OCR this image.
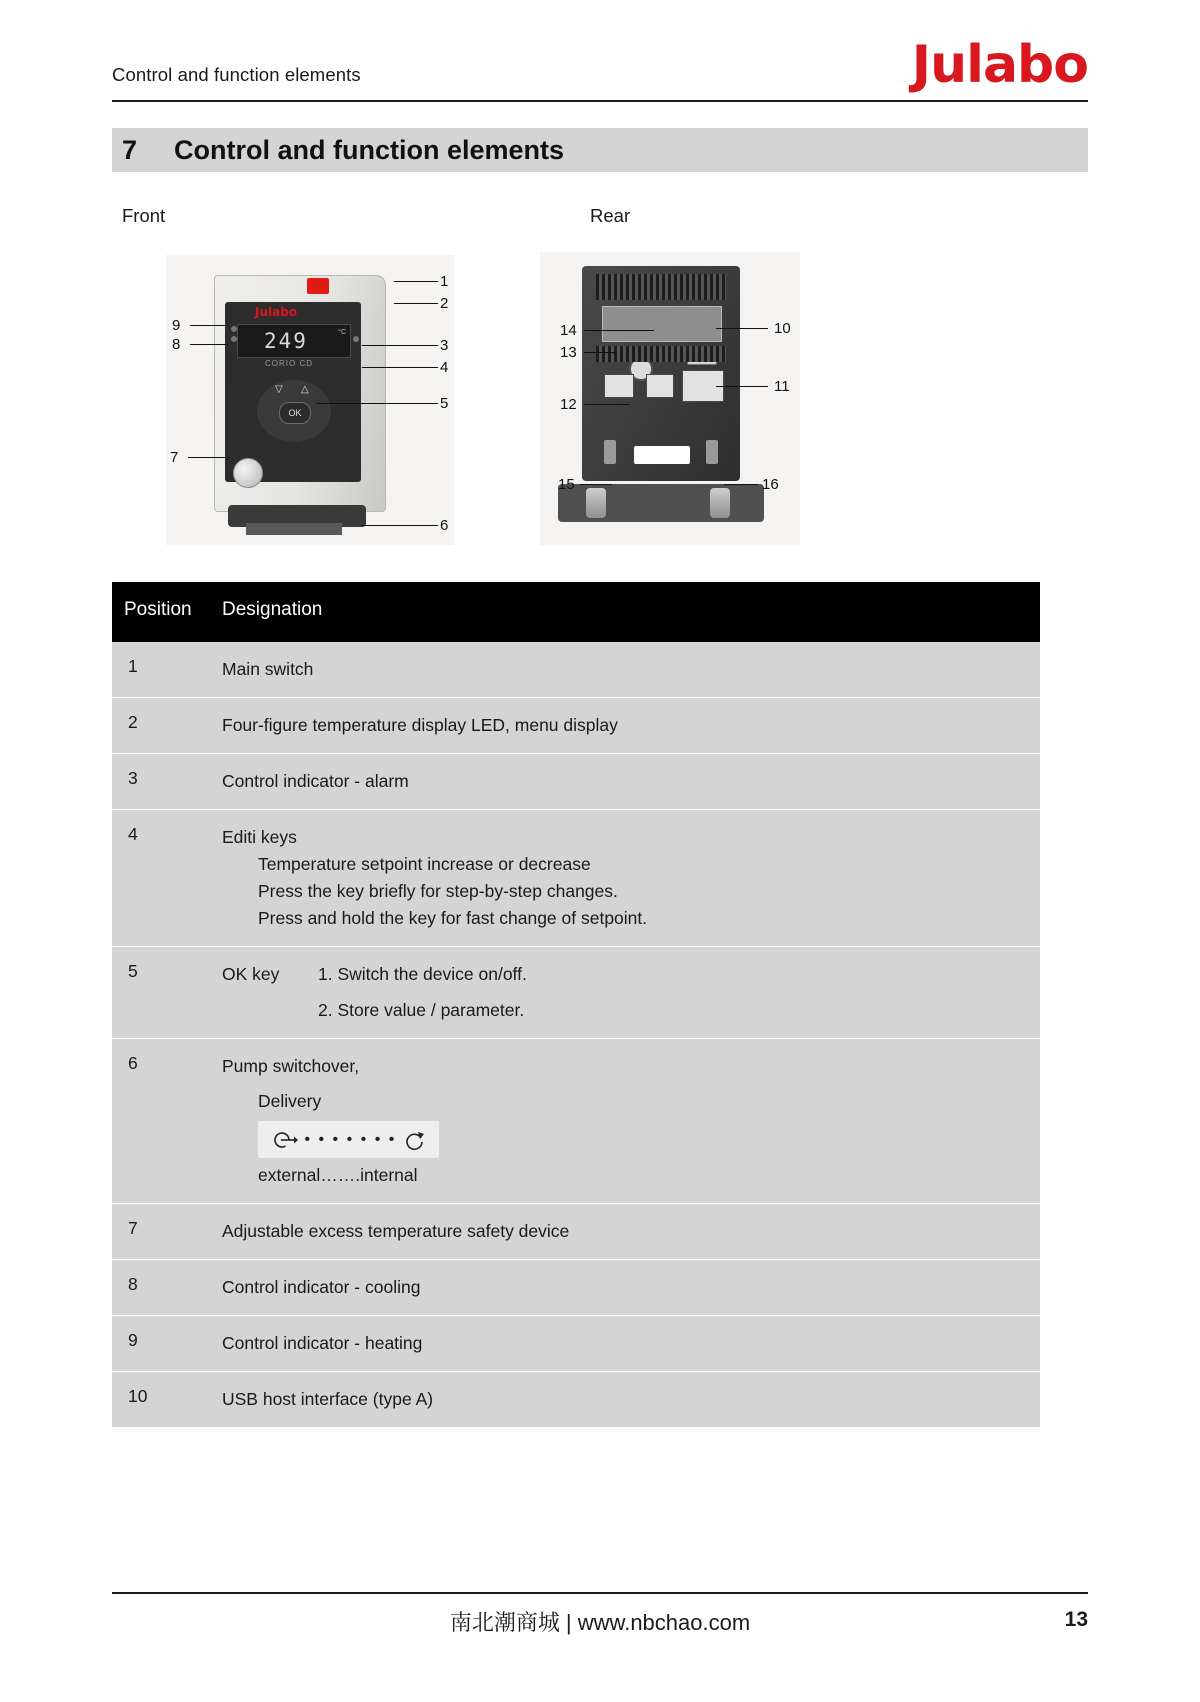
Control and function elements	Julabo
7 Control and function elements
Front	Rear
Julabo
249	°C
CORIO CD
▽ △
OK
⭘→······C
1
2
3
4
5
6
7
8
9	10
11
12
13
14
15	16
Position Designation
1	Main switch
2	Four-figure temperature display LED, menu display
3	Control indicator - alarm
4	Editi keys
Temperature setpoint increase or decrease
Press the key briefly for step-by-step changes.
Press and hold the key for fast change of setpoint.
5	OK key	1. Switch the device on/off.
2. Store value / parameter.
6	Pump switchover,
Delivery
• • • • • • •
external…….internal
7	Adjustable excess temperature safety device
8	Control indicator - cooling
9	Control indicator - heating
10	USB host interface (type A)
南北潮商城 | www.nbchao.com	13
